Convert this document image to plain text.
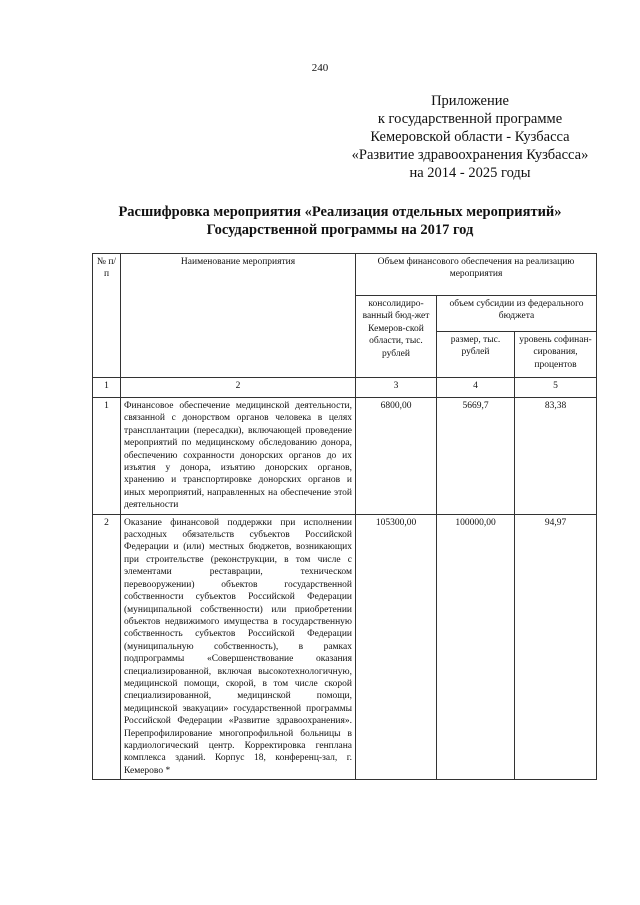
240
Приложение
к государственной программе
Кемеровской области - Кузбасса
«Развитие здравоохранения Кузбасса»
на 2014 - 2025 годы
Расшифровка мероприятия «Реализация отдельных мероприятий»
Государственной программы на 2017 год
№ п/п	Наименование мероприятия	Объем финансового обеспечения на реализацию мероприятия		
		консолидиро-ванный бюд-жет Кемеров-ской области, тыс. рублей	объем субсидии из федерального бюджета	
			размер, тыс. рублей	уровень софинан-сирования, процентов
1	2	3	4	5
1	Финансовое обеспечение медицинской деятельности, связанной с донорством органов человека в целях трансплантации (пересадки), включающей проведение мероприятий по медицинскому обследованию донора, обеспечению сохранности донорских органов до их изъятия у донора, изъятию донорских органов, хранению и транспортировке донорских органов и иных мероприятий, направленных на обеспечение этой деятельности	6800,00	5669,7	83,38
2	Оказание финансовой поддержки при исполнении расходных обязательств субъектов Российской Федерации и (или) местных бюджетов, возникающих при строительстве (реконструкции, в том числе с элементами реставрации, техническом перевооружении) объектов государственной собственности субъектов Российской Федерации (муниципальной собственности) или приобретении объектов недвижимого имущества в государственную собственность субъектов Российской Федерации (муниципальную собственность), в рамках подпрограммы «Совершенствование оказания специализированной, включая высокотехнологичную, медицинской помощи, скорой, в том числе скорой специализированной, медицинской помощи, медицинской эвакуации» государственной программы Российской Федерации «Развитие здравоохранения». Перепрофилирование многопрофильной больницы в кардиологический центр. Корректировка генплана комплекса зданий. Корпус 18, конференц-зал, г. Кемерово *	105300,00	100000,00	94,97
